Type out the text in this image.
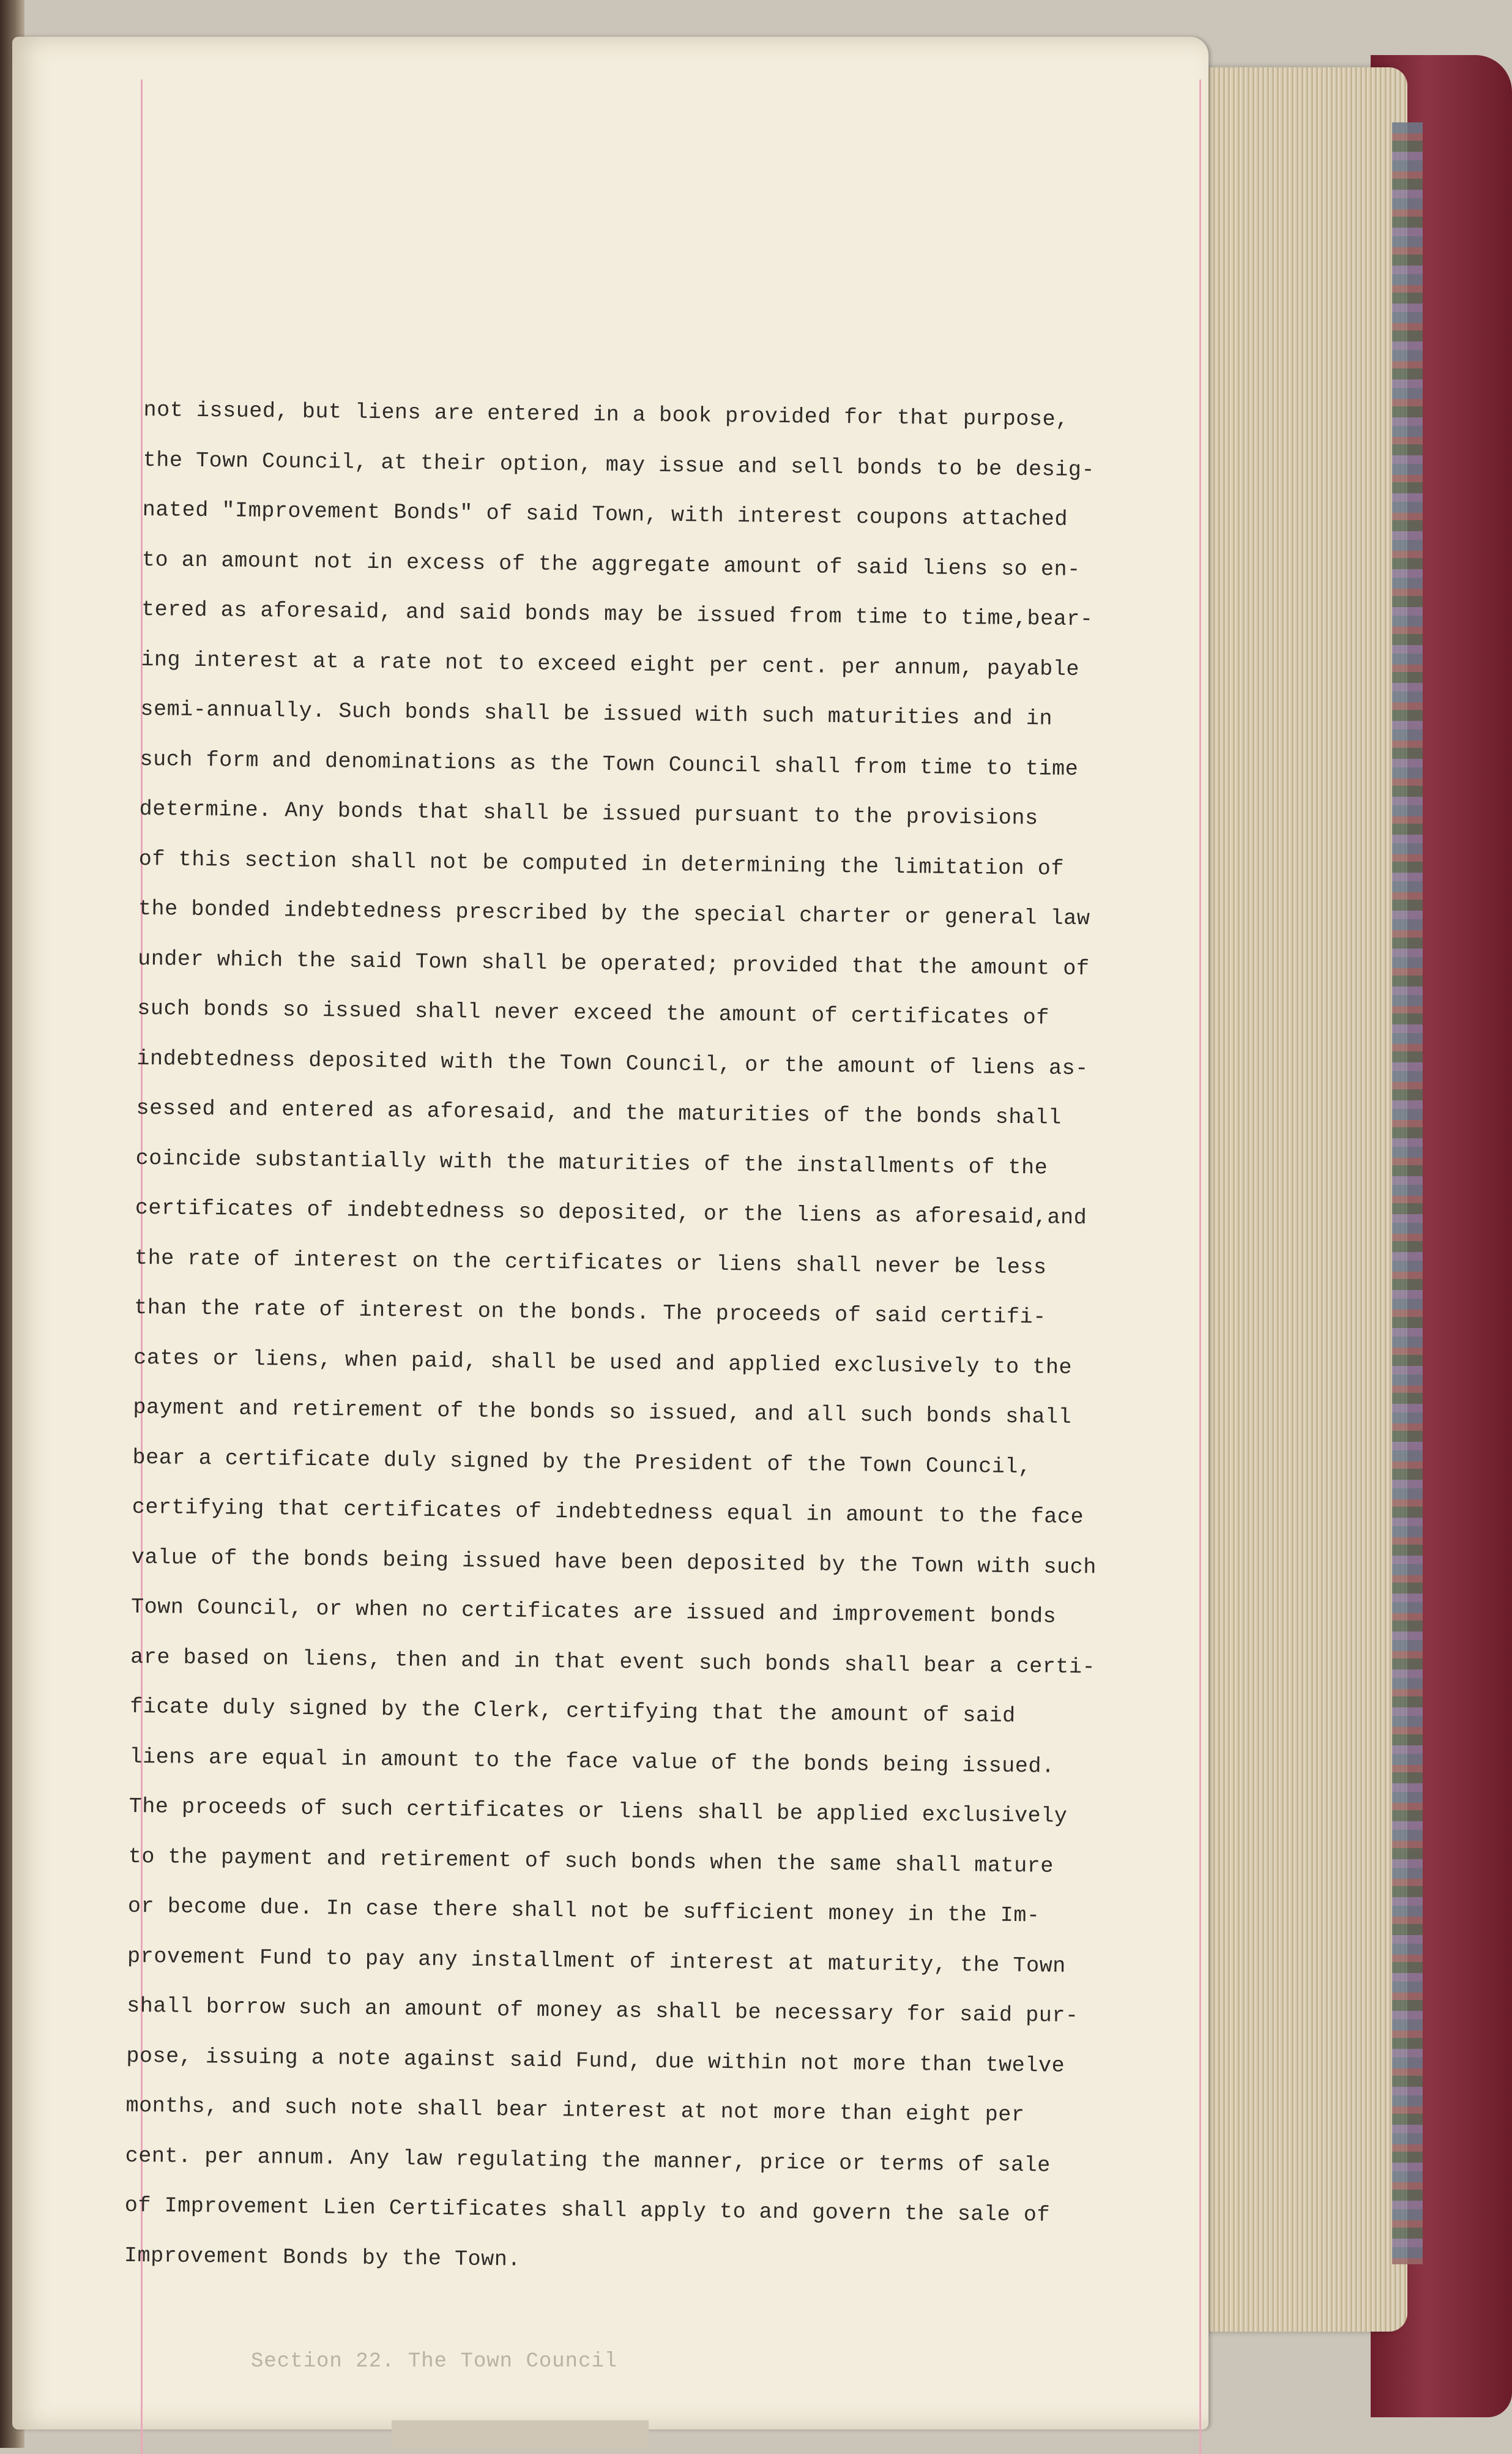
not issued, but liens are entered in a book provided for that purpose,
the Town Council, at their option, may issue and sell bonds to be desig-
nated "Improvement Bonds" of said Town, with interest coupons attached
to an amount not in excess of the aggregate amount of said liens so en-
tered as aforesaid, and said bonds may be issued from time to time,bear-
ing interest at a rate not to exceed eight per cent. per annum, payable
semi-annually. Such bonds shall be issued with such maturities and in
such form and denominations as the Town Council shall from time to time
determine. Any bonds that shall be issued pursuant to the provisions
of this section shall not be computed in determining the limitation of
the bonded indebtedness prescribed by the special charter or general law
under which the said Town shall be operated; provided that the amount of
such bonds so issued shall never exceed the amount of certificates of
indebtedness deposited with the Town Council, or the amount of liens as-
sessed and entered as aforesaid, and the maturities of the bonds shall
coincide substantially with the maturities of the installments of the
certificates of indebtedness so deposited, or the liens as aforesaid,and
the rate of interest on the certificates or liens shall never be less
than the rate of interest on the bonds. The proceeds of said certifi-
cates or liens, when paid, shall be used and applied exclusively to the
payment and retirement of the bonds so issued, and all such bonds shall
bear a certificate duly signed by the President of the Town Council,
certifying that certificates of indebtedness equal in amount to the face
value of the bonds being issued have been deposited by the Town with such
Town Council, or when no certificates are issued and improvement bonds
are based on liens, then and in that event such bonds shall bear a certi-
ficate duly signed by the Clerk, certifying that the amount of said
liens are equal in amount to the face value of the bonds being issued.
The proceeds of such certificates or liens shall be applied exclusively
to the payment and retirement of such bonds when the same shall mature
or become due. In case there shall not be sufficient money in the Im-
provement Fund to pay any installment of interest at maturity, the Town
shall borrow such an amount of money as shall be necessary for said pur-
pose, issuing a note against said Fund, due within not more than twelve
months, and such note shall bear interest at not more than eight per
cent. per annum. Any law regulating the manner, price or terms of sale
of Improvement Lien Certificates shall apply to and govern the sale of
Improvement Bonds by the Town.
Section 22. The Town Council
